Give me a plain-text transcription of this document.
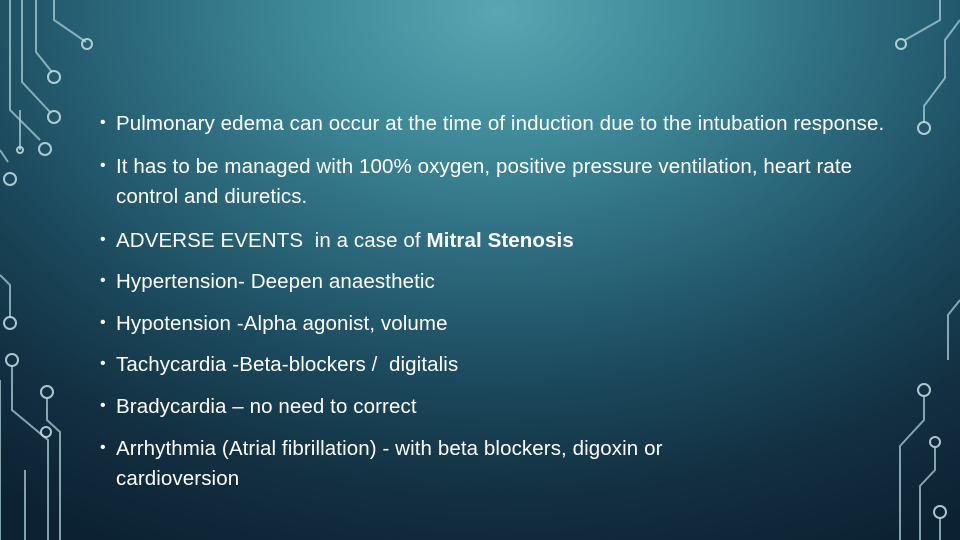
• Pulmonary edema can occur at the time of induction due to the intubation response.
• It has to be managed with 100% oxygen, positive pressure ventilation, heart rate control and diuretics.
• ADVERSE EVENTS  in a case of Mitral Stenosis
• Hypertension- Deepen anaesthetic
• Hypotension -Alpha agonist, volume
• Tachycardia -Beta-blockers /  digitalis
• Bradycardia – no need to correct
• Arrhythmia (Atrial fibrillation) - with beta blockers, digoxin or cardioversion
